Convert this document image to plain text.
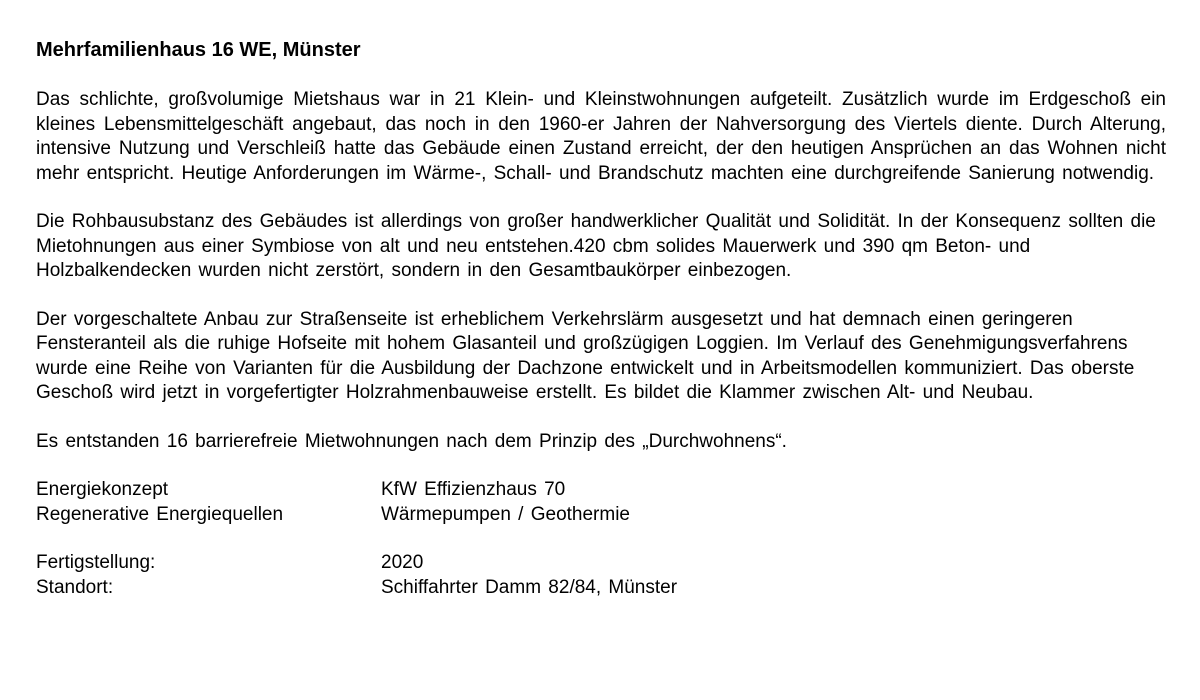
Mehrfamilienhaus 16 WE, Münster

Das schlichte, großvolumige Mietshaus war in 21 Klein- und Kleinstwohnungen aufgeteilt. Zusätzlich wurde im Erdgeschoß ein kleines Lebensmittelgeschäft angebaut, das noch in den 1960-er Jahren der Nahversorgung des Viertels diente. Durch Alterung, intensive Nutzung und Verschleiß hatte das Gebäude einen Zustand erreicht, der den heutigen Ansprüchen an das Wohnen nicht mehr entspricht. Heutige Anforderungen im Wärme-, Schall- und Brandschutz machten eine durchgreifende Sanierung notwendig.

Die Rohbausubstanz des Gebäudes ist allerdings von großer handwerklicher Qualität und Solidität. In der Konsequenz sollten die Mietohnungen aus einer Symbiose von alt und neu entstehen.420 cbm solides Mauerwerk und 390 qm Beton- und Holzbalkendecken wurden nicht zerstört, sondern in den Gesamtbaukörper einbezogen.

Der vorgeschaltete Anbau zur Straßenseite ist erheblichem Verkehrslärm ausgesetzt und hat demnach einen geringeren Fensteranteil als die ruhige Hofseite mit hohem Glasanteil und großzügigen Loggien. Im Verlauf des Genehmigungsverfahrens wurde eine Reihe von Varianten für die Ausbildung der Dachzone entwickelt und in Arbeitsmodellen kommuniziert. Das oberste Geschoß wird jetzt in vorgefertigter Holzrahmenbauweise erstellt. Es bildet die Klammer zwischen Alt- und Neubau.

Es entstanden 16 barrierefreie Mietwohnungen nach dem Prinzip des „Durchwohnens“.

Energiekonzept	KfW Effizienzhaus 70
Regenerative Energiequellen	Wärmepumpen / Geothermie
Fertigstellung:	2020
Standort:	Schiffahrter Damm 82/84, Münster
